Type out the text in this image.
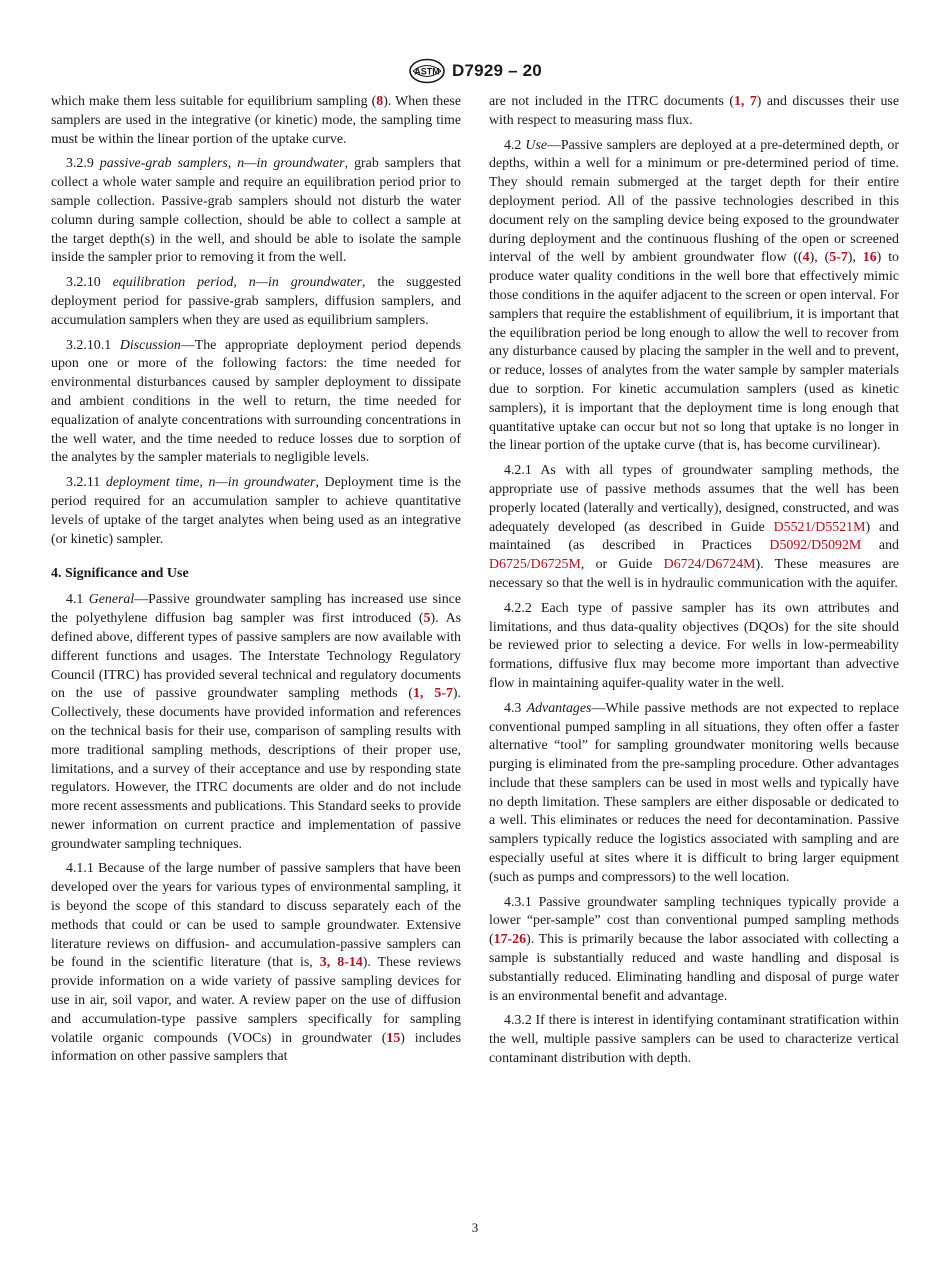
ASTM D7929 – 20

which make them less suitable for equilibrium sampling (8). When these samplers are used in the integrative (or kinetic) mode, the sampling time must be within the linear portion of the uptake curve.

3.2.9 passive-grab samplers, n—in groundwater, grab samplers that collect a whole water sample and require an equilibration period prior to sample collection. Passive-grab samplers should not disturb the water column during sample collection, should be able to collect a sample at the target depth(s) in the well, and should be able to isolate the sample inside the sampler prior to removing it from the well.

3.2.10 equilibration period, n—in groundwater, the suggested deployment period for passive-grab samplers, diffusion samplers, and accumulation samplers when they are used as equilibrium samplers.

3.2.10.1 Discussion—The appropriate deployment period depends upon one or more of the following factors: the time needed for environmental disturbances caused by sampler deployment to dissipate and ambient conditions in the well to return, the time needed for equalization of analyte concentrations with surrounding concentrations in the well water, and the time needed to reduce losses due to sorption of the analytes by the sampler materials to negligible levels.

3.2.11 deployment time, n—in groundwater, Deployment time is the period required for an accumulation sampler to achieve quantitative levels of uptake of the target analytes when being used as an integrative (or kinetic) sampler.

4. Significance and Use

4.1 General—Passive groundwater sampling has increased use since the polyethylene diffusion bag sampler was first introduced (5). As defined above, different types of passive samplers are now available with different functions and usages. The Interstate Technology Regulatory Council (ITRC) has provided several technical and regulatory documents on the use of passive groundwater sampling methods (1, 5-7). Collectively, these documents have provided information and references on the technical basis for their use, comparison of sampling results with more traditional sampling methods, descriptions of their proper use, limitations, and a survey of their acceptance and use by responding state regulators. However, the ITRC documents are older and do not include more recent assessments and publications. This Standard seeks to provide newer information on current practice and implementation of passive groundwater sampling techniques.

4.1.1 Because of the large number of passive samplers that have been developed over the years for various types of environmental sampling, it is beyond the scope of this standard to discuss separately each of the methods that could or can be used to sample groundwater. Extensive literature reviews on diffusion- and accumulation-passive samplers can be found in the scientific literature (that is, 3, 8-14). These reviews provide information on a wide variety of passive sampling devices for use in air, soil vapor, and water. A review paper on the use of diffusion and accumulation-type passive samplers specifically for sampling volatile organic compounds (VOCs) in groundwater (15) includes information on other passive samplers that

are not included in the ITRC documents (1, 7) and discusses their use with respect to measuring mass flux.

4.2 Use—Passive samplers are deployed at a pre-determined depth, or depths, within a well for a minimum or pre-determined period of time. They should remain submerged at the target depth for their entire deployment period. All of the passive technologies described in this document rely on the sampling device being exposed to the groundwater during deployment and the continuous flushing of the open or screened interval of the well by ambient groundwater flow ((4), (5-7), 16) to produce water quality conditions in the well bore that effectively mimic those conditions in the aquifer adjacent to the screen or open interval. For samplers that require the establishment of equilibrium, it is important that the equilibration period be long enough to allow the well to recover from any disturbance caused by placing the sampler in the well and to prevent, or reduce, losses of analytes from the water sample by sampler materials due to sorption. For kinetic accumulation samplers (used as kinetic samplers), it is important that the deployment time is long enough that quantitative uptake can occur but not so long that uptake is no longer in the linear portion of the uptake curve (that is, has become curvilinear).

4.2.1 As with all types of groundwater sampling methods, the appropriate use of passive methods assumes that the well has been properly located (laterally and vertically), designed, constructed, and was adequately developed (as described in Guide D5521/D5521M) and maintained (as described in Practices D5092/D5092M and D6725/D6725M, or Guide D6724/D6724M). These measures are necessary so that the well is in hydraulic communication with the aquifer.

4.2.2 Each type of passive sampler has its own attributes and limitations, and thus data-quality objectives (DQOs) for the site should be reviewed prior to selecting a device. For wells in low-permeability formations, diffusive flux may become more important than advective flow in maintaining aquifer-quality water in the well.

4.3 Advantages—While passive methods are not expected to replace conventional pumped sampling in all situations, they often offer a faster alternative “tool” for sampling groundwater monitoring wells because purging is eliminated from the pre-sampling procedure. Other advantages include that these samplers can be used in most wells and typically have no depth limitation. These samplers are either disposable or dedicated to a well. This eliminates or reduces the need for decontamination. Passive samplers typically reduce the logistics associated with sampling and are especially useful at sites where it is difficult to bring larger equipment (such as pumps and compressors) to the well location.

4.3.1 Passive groundwater sampling techniques typically provide a lower “per-sample” cost than conventional pumped sampling methods (17-26). This is primarily because the labor associated with collecting a sample is substantially reduced and waste handling and disposal is substantially reduced. Eliminating handling and disposal of purge water is an environmental benefit and advantage.

4.3.2 If there is interest in identifying contaminant stratification within the well, multiple passive samplers can be used to characterize vertical contaminant distribution with depth.

3
